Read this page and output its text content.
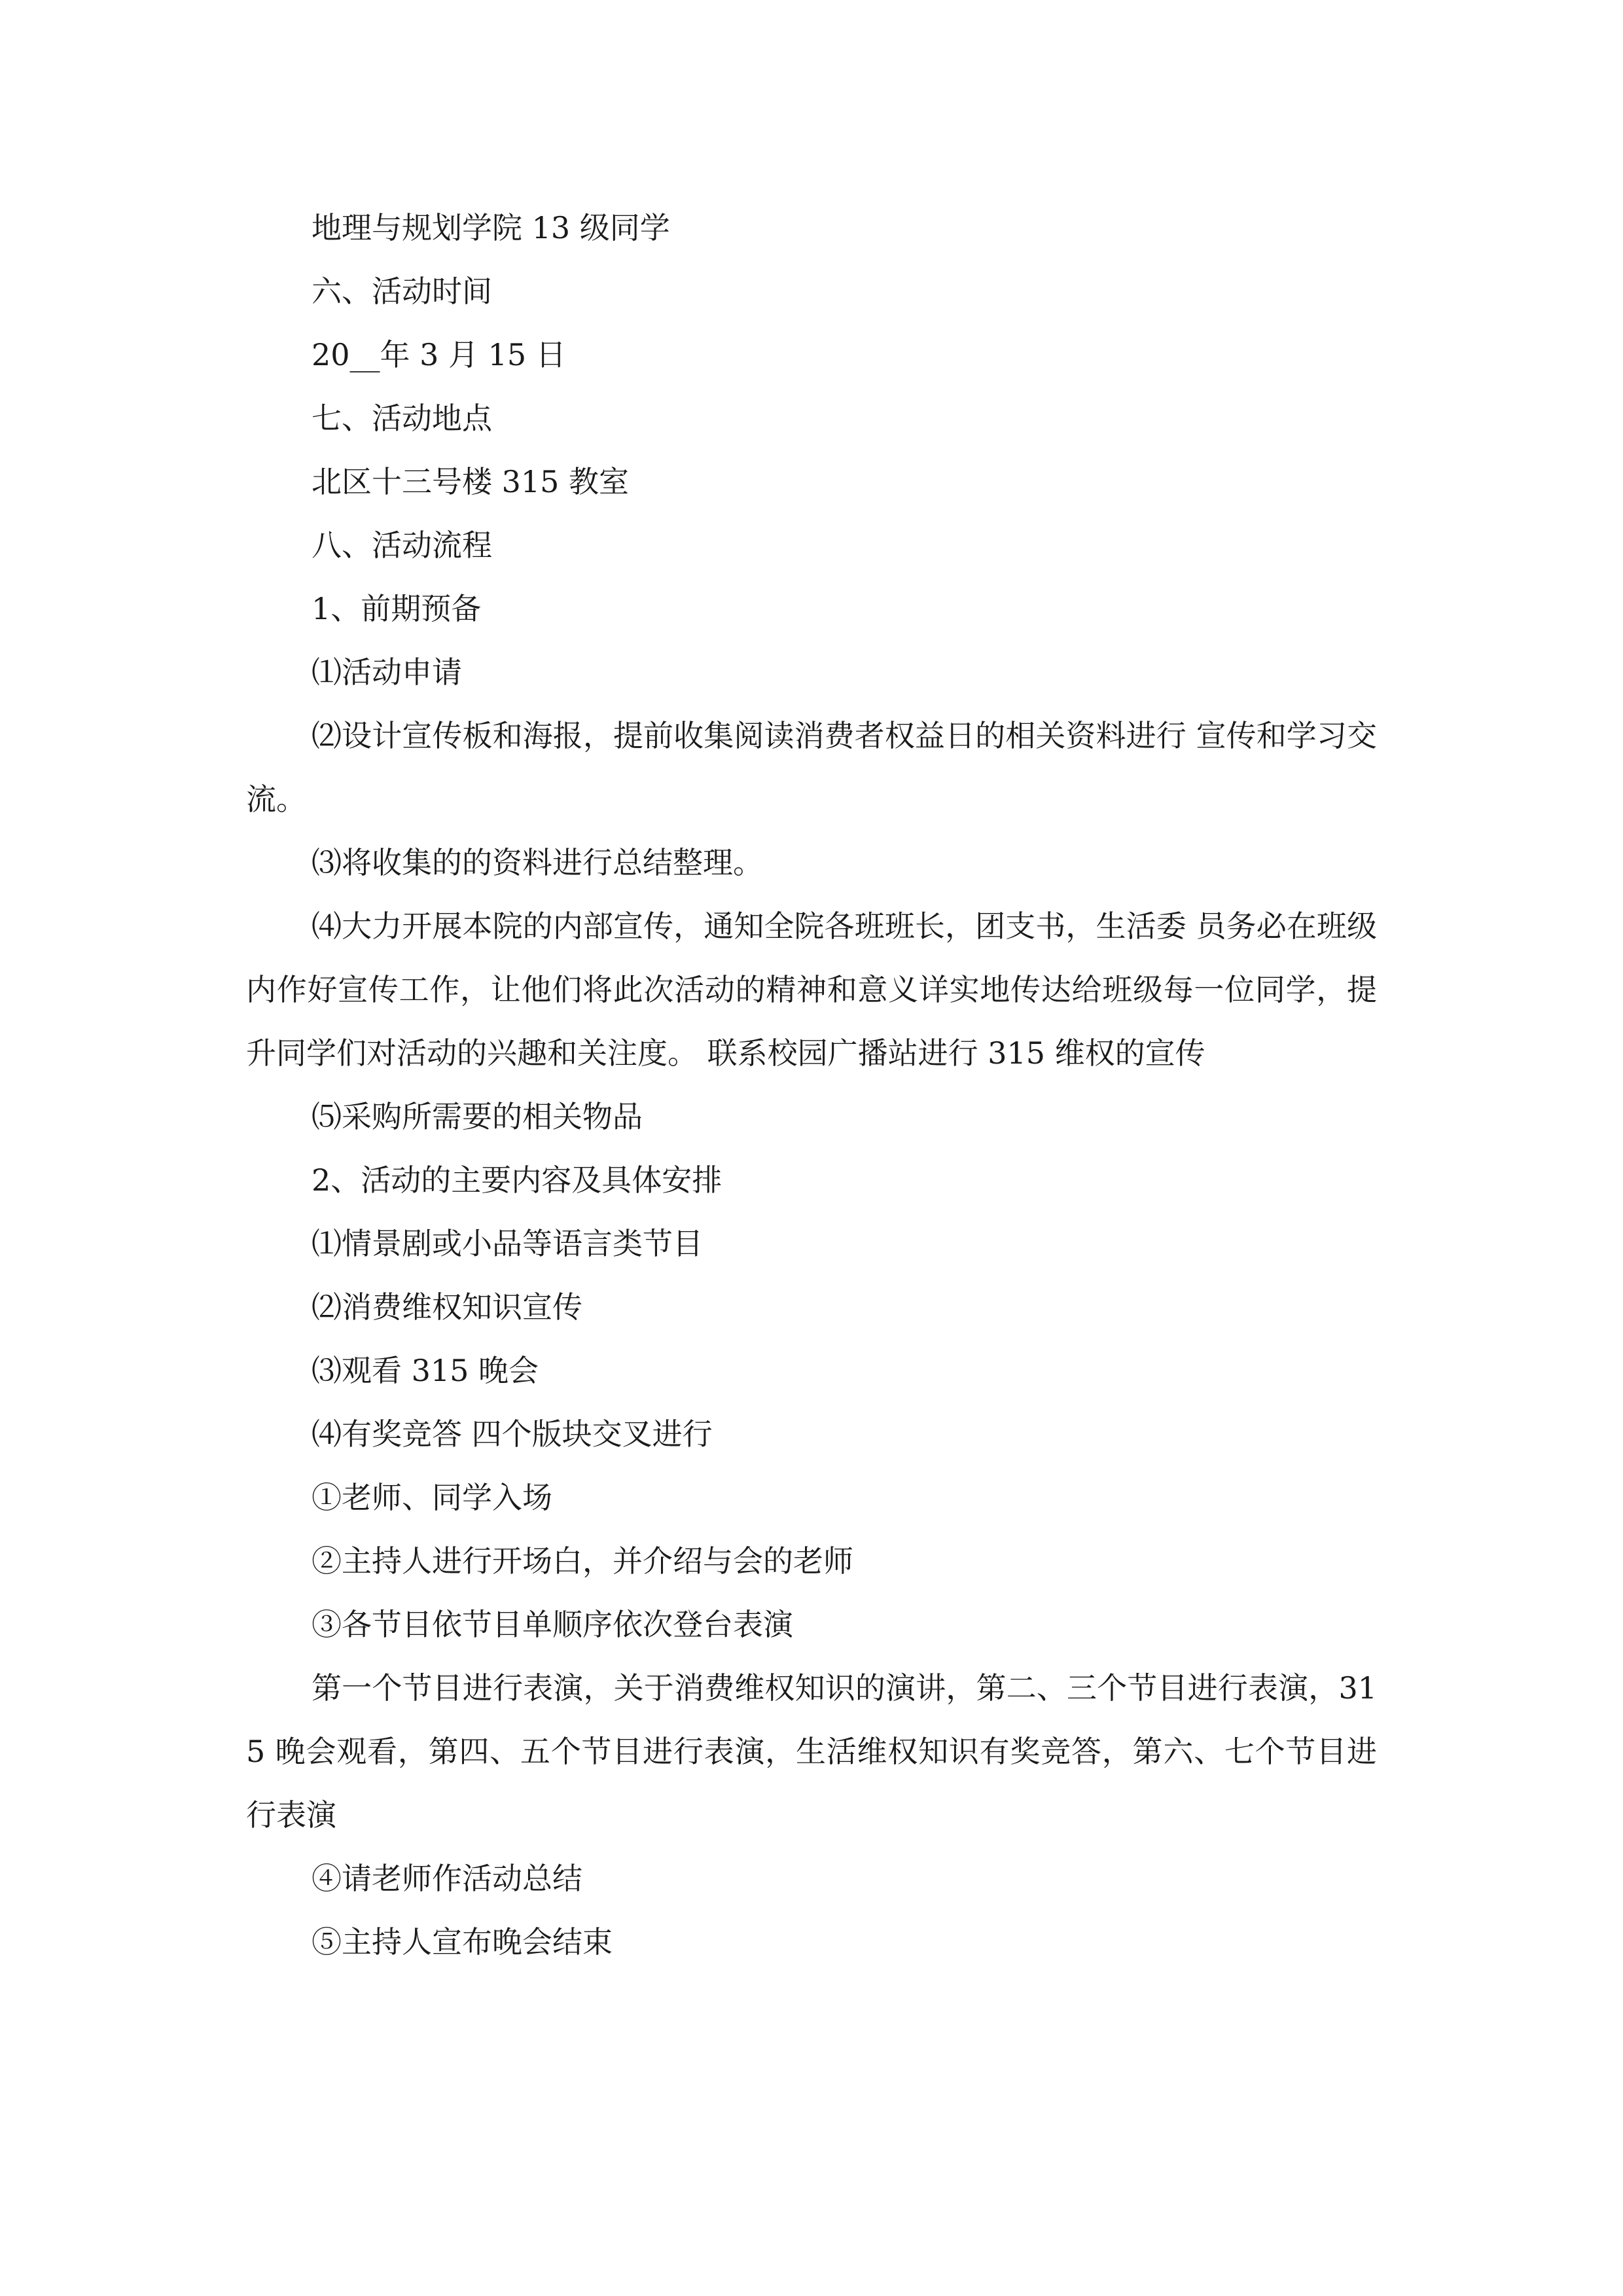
地理与规划学院 13 级同学

六、活动时间

20__年 3 月 15 日

七、活动地点

北区十三号楼 315 教室

八、活动流程

1、前期预备

⑴活动申请

⑵设计宣传板和海报，提前收集阅读消费者权益日的相关资料进行 宣传和学习交流。

⑶将收集的的资料进行总结整理。

⑷大力开展本院的内部宣传，通知全院各班班长，团支书，生活委 员务必在班级内作好宣传工作，让他们将此次活动的精神和意义详实地传达给班级每一位同学，提升同学们对活动的兴趣和关注度。 联系校园广播站进行 315 维权的宣传

⑸采购所需要的相关物品

2、活动的主要内容及具体安排

⑴情景剧或小品等语言类节目

⑵消费维权知识宣传

⑶观看 315 晚会

⑷有奖竞答 四个版块交叉进行

①老师、同学入场

②主持人进行开场白，并介绍与会的老师

③各节目依节目单顺序依次登台表演

第一个节目进行表演，关于消费维权知识的演讲，第二、三个节目进行表演，315 晚会观看，第四、五个节目进行表演，生活维权知识有奖竞答，第六、七个节目进行表演

④请老师作活动总结

⑤主持人宣布晚会结束
